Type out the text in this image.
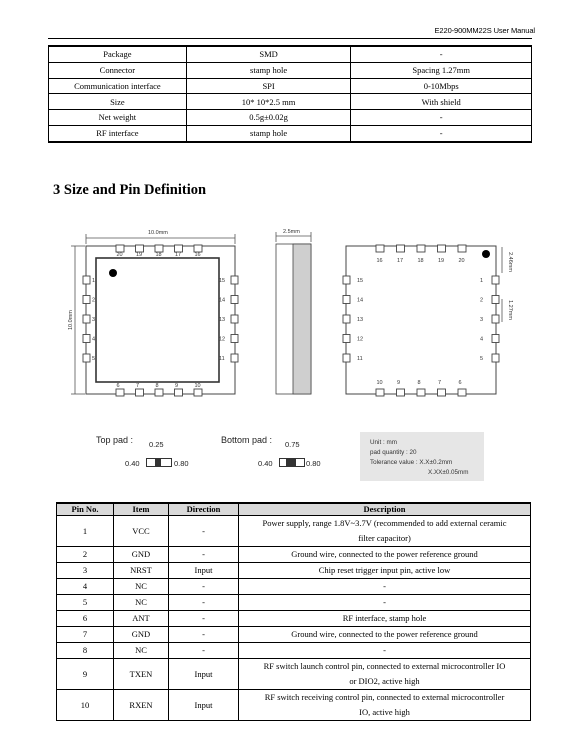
E220-900MM22S User Manual
Package	SMD	-
Connector	stamp hole	Spacing 1.27mm
Communication interface	SPI	0-10Mbps
Size	10* 10*2.5 mm	With shield
Net weight	0.5g±0.02g	-
RF interface	stamp hole	-
3 Size and Pin Definition
20 19 18 17 16
6	7	8	9	10
1
2
3
4
5
15
14
13
12
11
16	17	18	19	20
10	9	8	7	6
15
14
13
12
11
1
2
3
4
5
10.0mm
10.0mm
2.5mm
2.46mm
1.27mm
Top pad : 0.25
0.40	0.80
Bottom pad : 0.75
0.40	0.80
Unit : mm
pad quantity : 20
Tolerance value : X.X±0.2mm
X.XX±0.05mm
Pin No.	Item	Direction	Description
1	VCC	-	Power supply, range 1.8V~3.7V (recommended to add external ceramic
filter capacitor)
2	GND	-	Ground wire, connected to the power reference ground
3	NRST	Input	Chip reset trigger input pin, active low
4	NC	-	-
5	NC	-	-
6	ANT	-	RF interface, stamp hole
7	GND	-	Ground wire, connected to the power reference ground
8	NC	-	-
9	TXEN	Input	RF switch launch control pin, connected to external microcontroller IO
or DIO2, active high
10	RXEN	Input	RF switch receiving control pin, connected to external microcontroller
IO, active high
